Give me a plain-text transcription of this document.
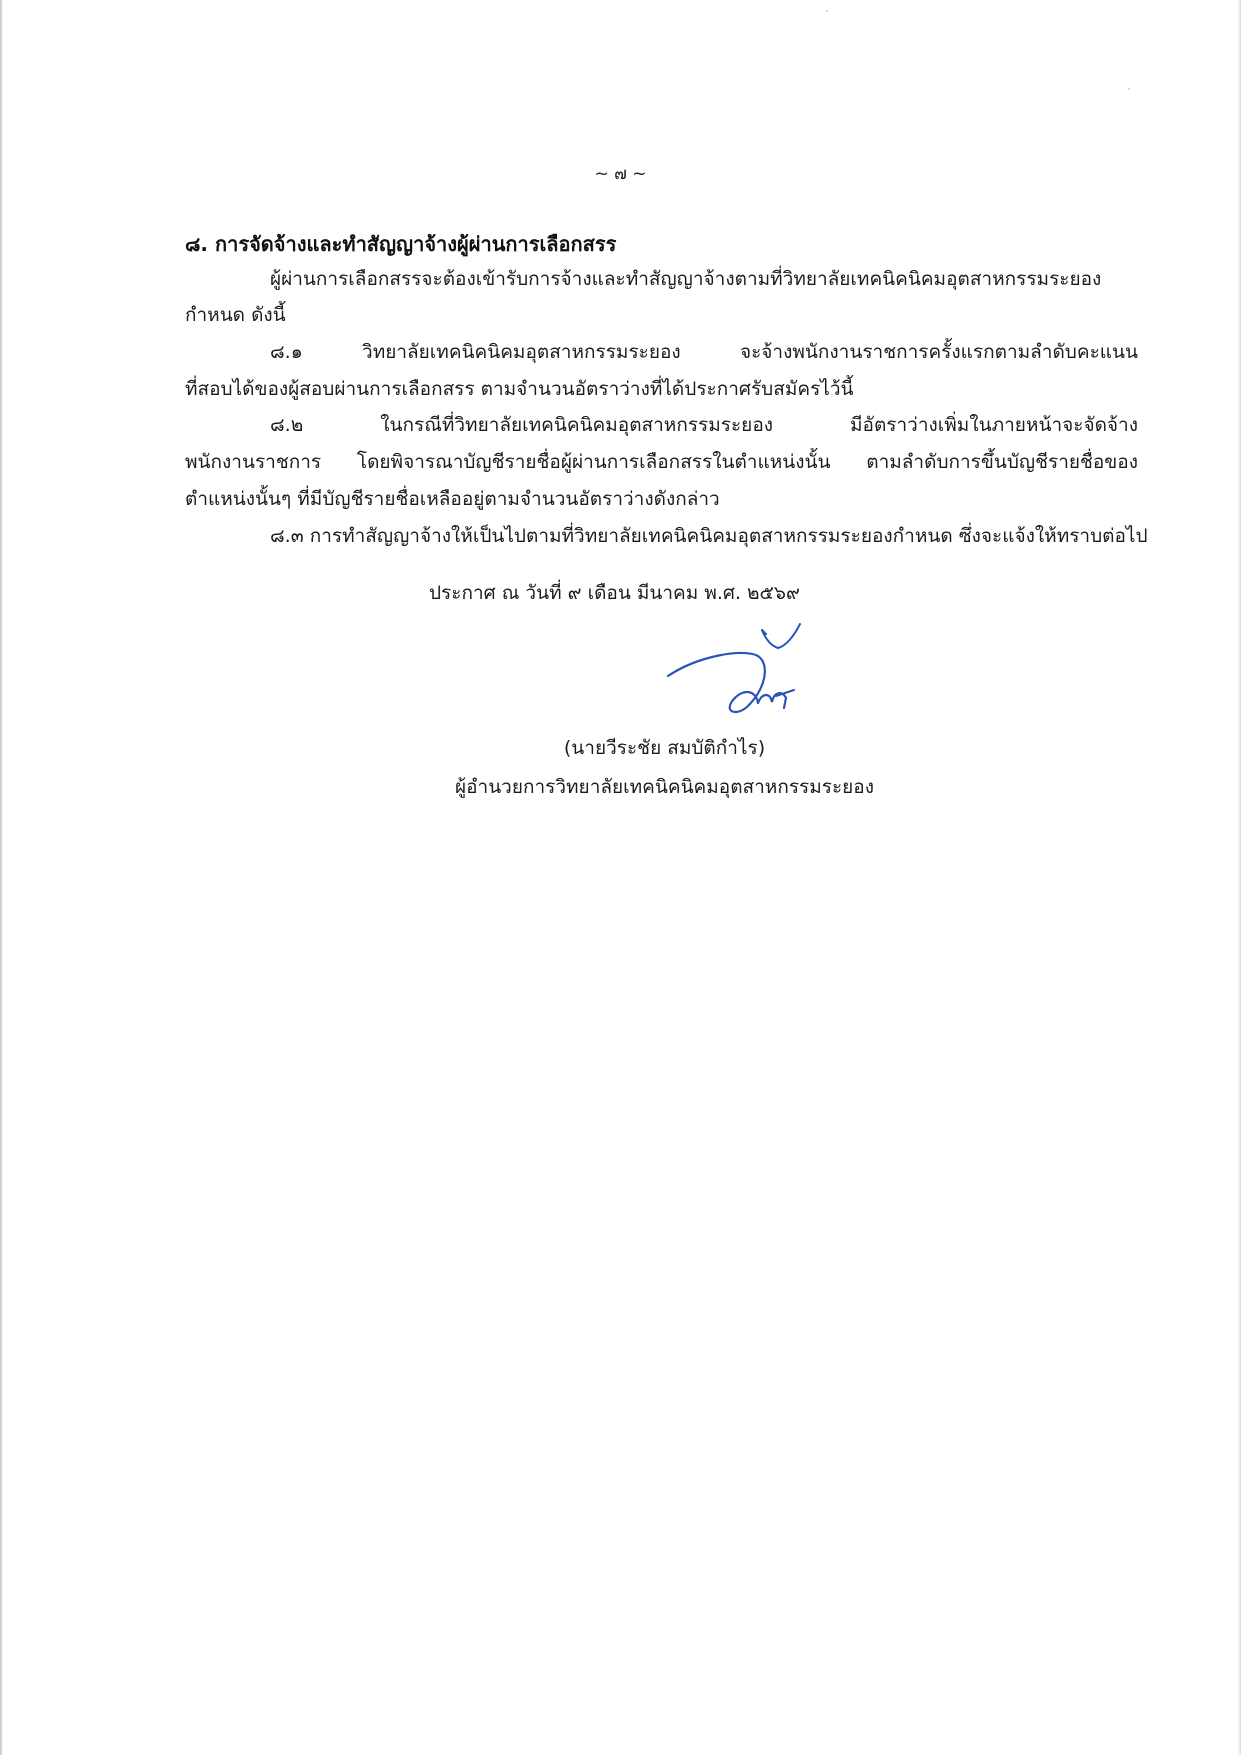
~ ๗ ~
๘. การจัดจ้างและทำสัญญาจ้างผู้ผ่านการเลือกสรร
ผู้ผ่านการเลือกสรรจะต้องเข้ารับการจ้างและทำสัญญาจ้างตามที่วิทยาลัยเทคนิคนิคมอุตสาหกรรมระยอง
กำหนด ดังนี้
๘.๑ วิทยาลัยเทคนิคนิคมอุตสาหกรรมระยอง จะจ้างพนักงานราชการครั้งแรกตามลำดับคะแนน
ที่สอบได้ของผู้สอบผ่านการเลือกสรร ตามจำนวนอัตราว่างที่ได้ประกาศรับสมัครไว้นี้
๘.๒ ในกรณีที่วิทยาลัยเทคนิคนิคมอุตสาหกรรมระยอง มีอัตราว่างเพิ่มในภายหน้าจะจัดจ้าง
พนักงานราชการ โดยพิจารณาบัญชีรายชื่อผู้ผ่านการเลือกสรรในตำแหน่งนั้น ตามลำดับการขึ้นบัญชีรายชื่อของ
ตำแหน่งนั้นๆ ที่มีบัญชีรายชื่อเหลืออยู่ตามจำนวนอัตราว่างดังกล่าว
๘.๓ การทำสัญญาจ้างให้เป็นไปตามที่วิทยาลัยเทคนิคนิคมอุตสาหกรรมระยองกำหนด ซึ่งจะแจ้งให้ทราบต่อไป
ประกาศ ณ วันที่ ๙ เดือน มีนาคม พ.ศ. ๒๕๖๙
(นายวีระชัย สมบัติกำไร)
ผู้อำนวยการวิทยาลัยเทคนิคนิคมอุตสาหกรรมระยอง
